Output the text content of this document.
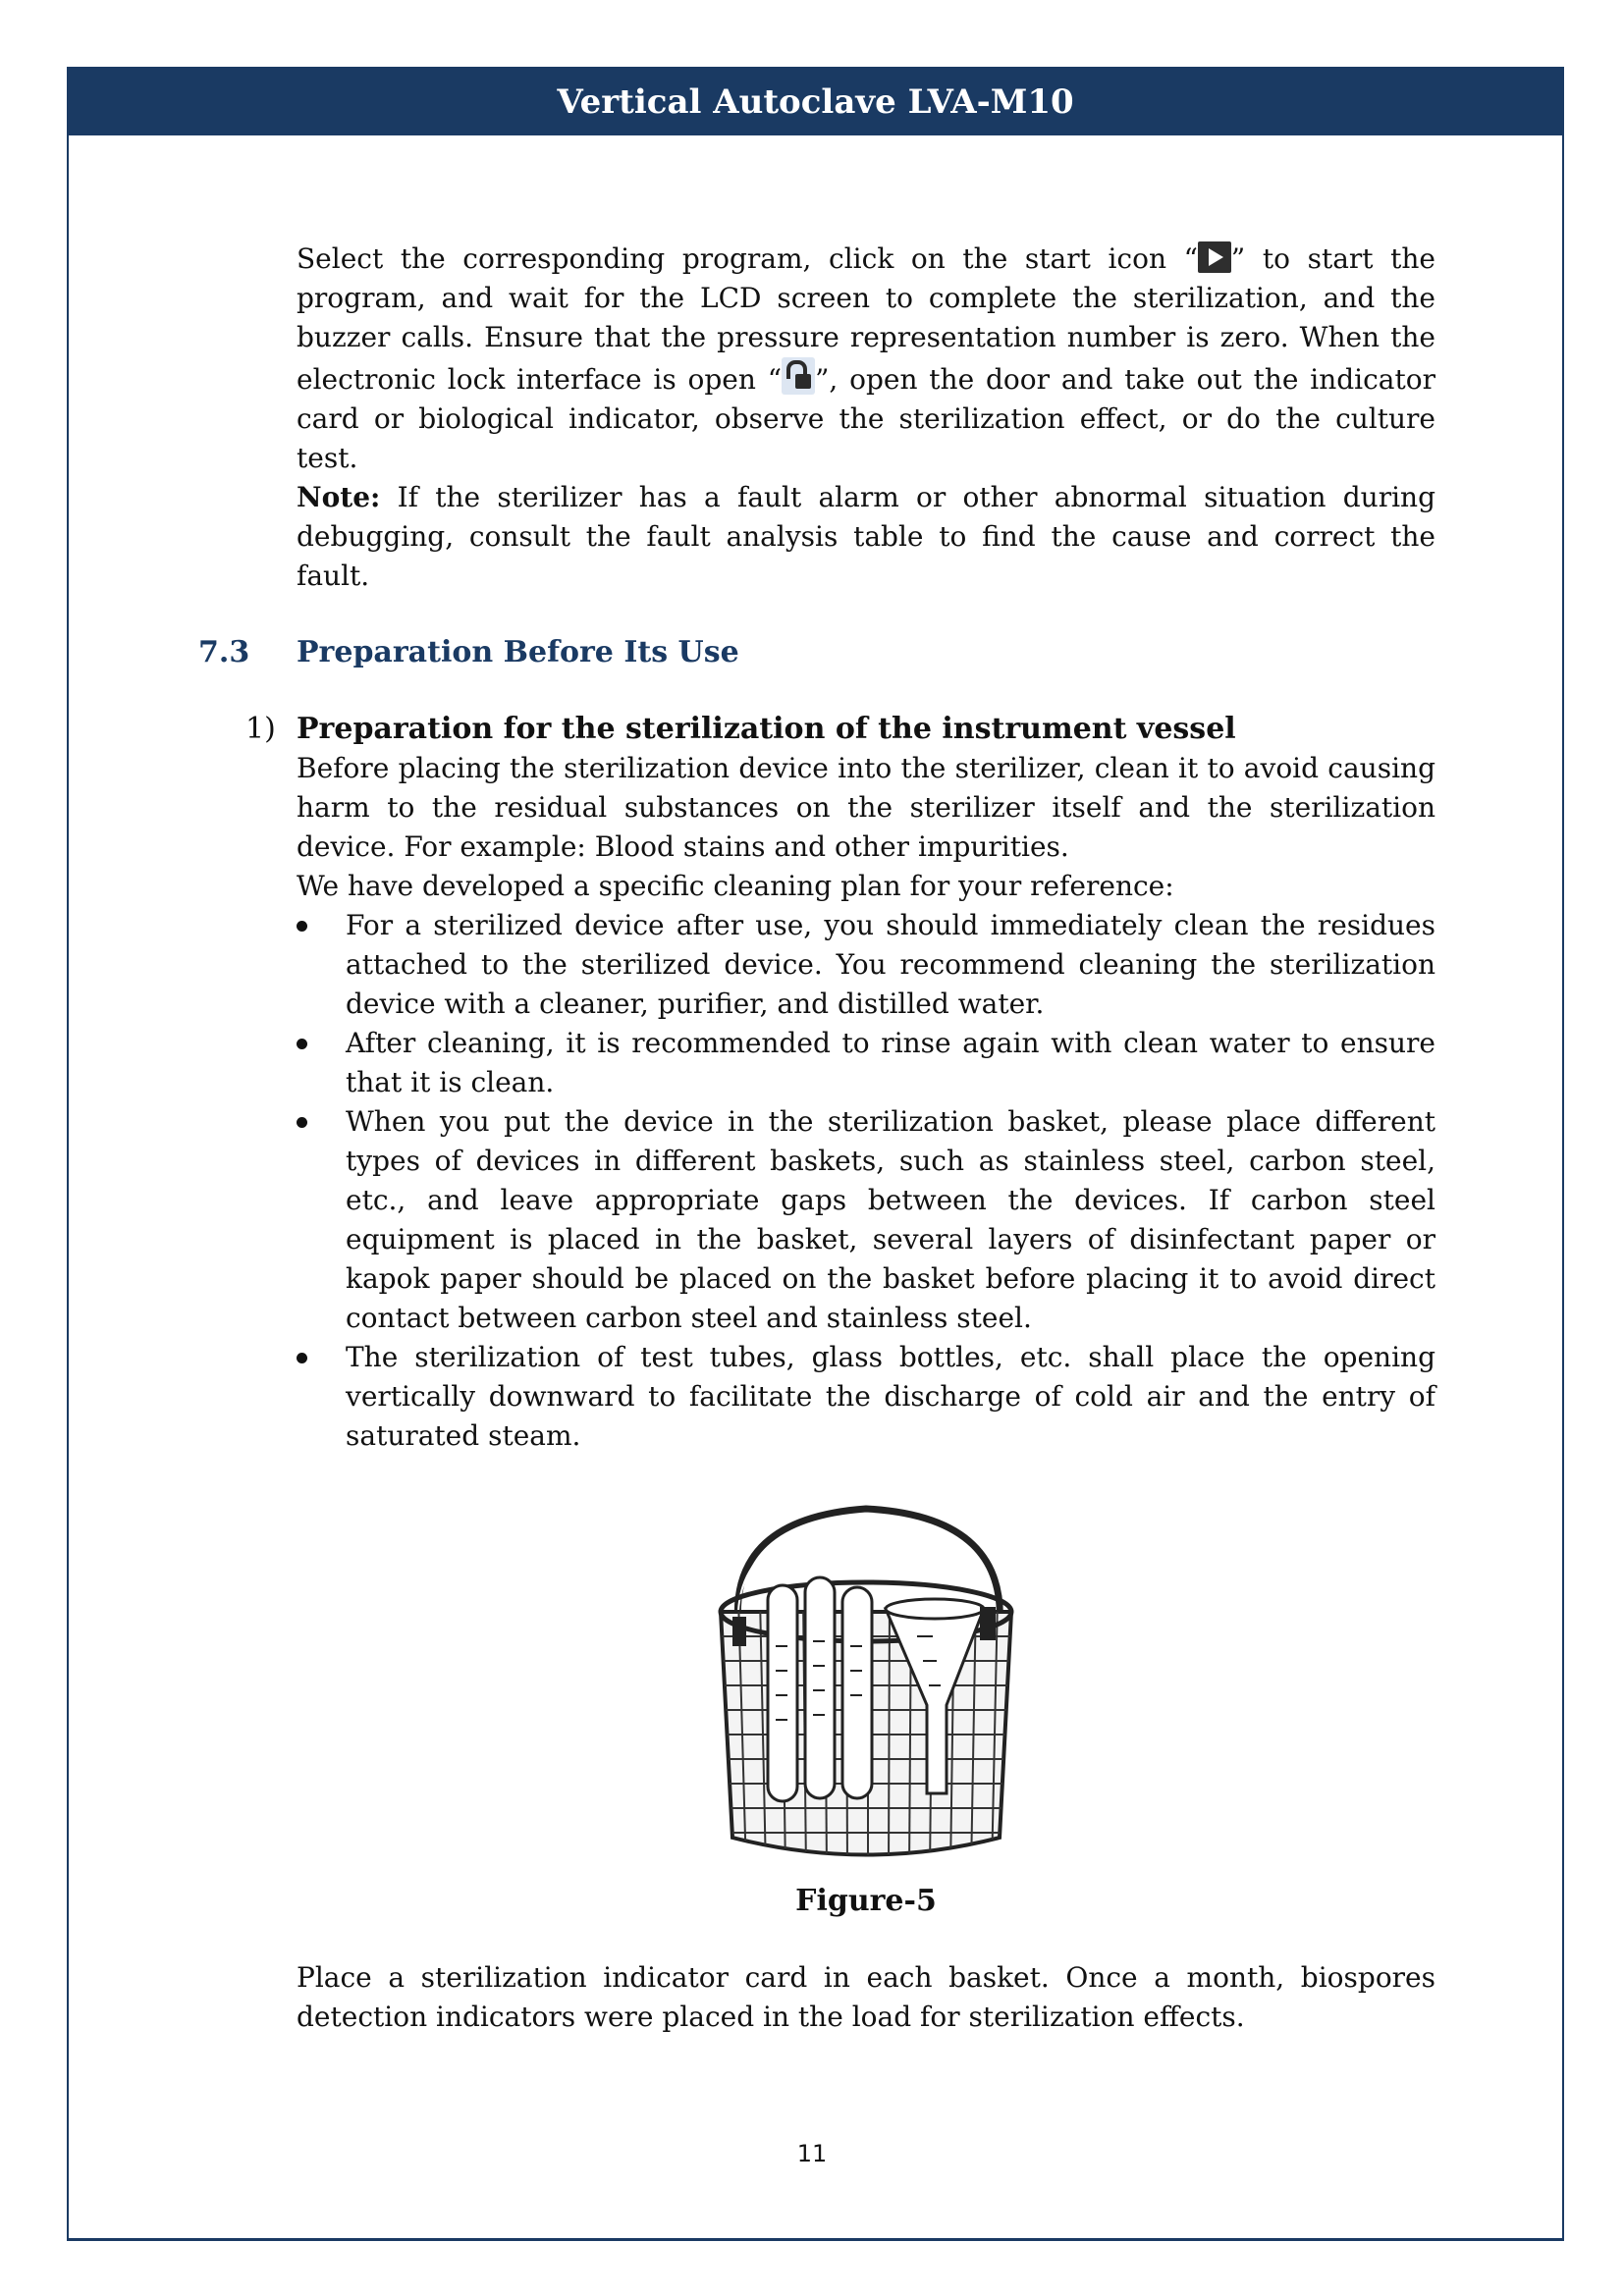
Vertical Autoclave LVA-M10

Select the corresponding program, click on the start icon “ ” to start the program, and wait for the LCD screen to complete the sterilization, and the buzzer calls. Ensure that the pressure representation number is zero. When the electronic lock interface is open “ ”, open the door and take out the indicator card or biological indicator, observe the sterilization effect, or do the culture test.

Note: If the sterilizer has a fault alarm or other abnormal situation during debugging, consult the fault analysis table to find the cause and correct the fault.

7.3 Preparation Before Its Use
1) Preparation for the sterilization of the instrument vessel

Before placing the sterilization device into the sterilizer, clean it to avoid causing harm to the residual substances on the sterilizer itself and the sterilization device. For example: Blood stains and other impurities.

We have developed a specific cleaning plan for your reference:

For a sterilized device after use, you should immediately clean the residues attached to the sterilized device. You recommend cleaning the sterilization device with a cleaner, purifier, and distilled water.
After cleaning, it is recommended to rinse again with clean water to ensure that it is clean.
When you put the device in the sterilization basket, please place different types of devices in different baskets, such as stainless steel, carbon steel, etc., and leave appropriate gaps between the devices. If carbon steel equipment is placed in the basket, several layers of disinfectant paper or kapok paper should be placed on the basket before placing it to avoid direct contact between carbon steel and stainless steel.
The sterilization of test tubes, glass bottles, etc. shall place the opening vertically downward to facilitate the discharge of cold air and the entry of saturated steam.
Figure-5

Place a sterilization indicator card in each basket. Once a month, biospores detection indicators were placed in the load for sterilization effects.

11
